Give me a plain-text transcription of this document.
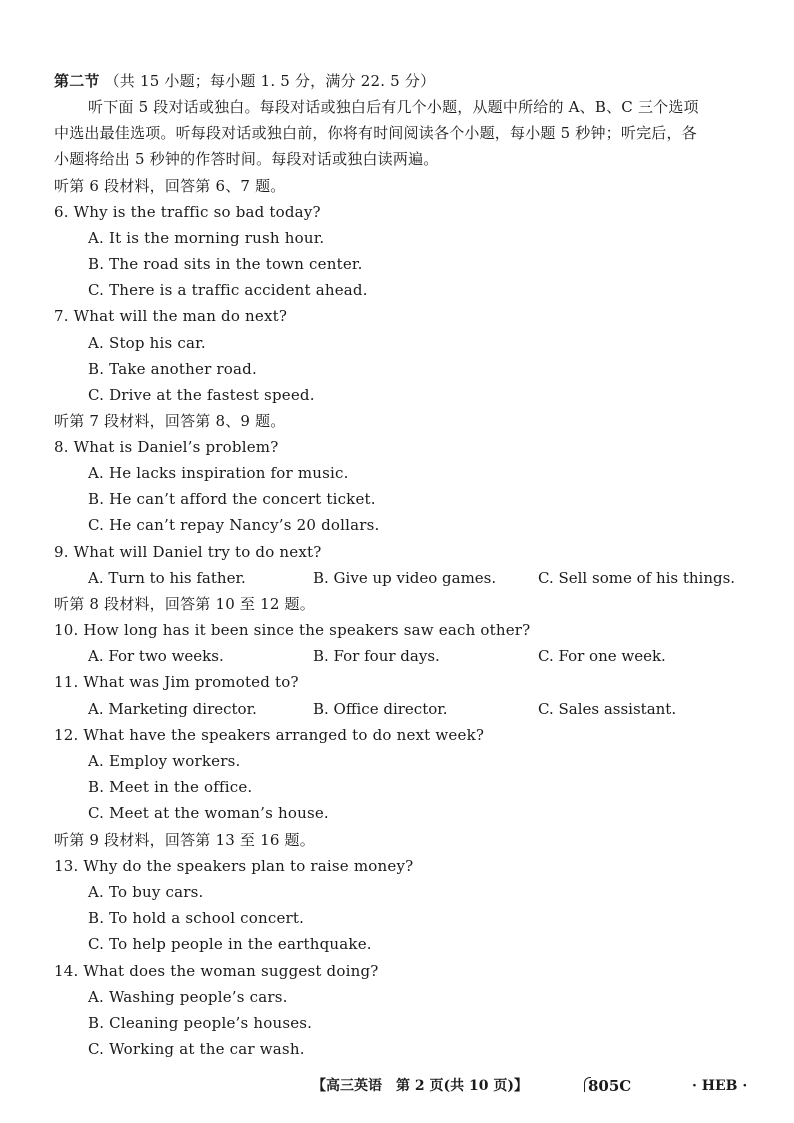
第二节 （共 15 小题；每小题 1. 5 分，满分 22. 5 分）
听下面 5 段对话或独白。每段对话或独白后有几个小题，从题中所给的 A、B、C 三个选项
中选出最佳选项。听每段对话或独白前，你将有时间阅读各个小题，每小题 5 秒钟；听完后，各
小题将给出 5 秒钟的作答时间。每段对话或独白读两遍。
听第 6 段材料，回答第 6、7 题。
6. Why is the traffic so bad today?
A. It is the morning rush hour.
B. The road sits in the town center.
C. There is a traffic accident ahead.
7. What will the man do next?
A. Stop his car.
B. Take another road.
C. Drive at the fastest speed.
听第 7 段材料，回答第 8、9 题。
8. What is Daniel’s problem?
A. He lacks inspiration for music.
B. He can’t afford the concert ticket.
C. He can’t repay Nancy’s 20 dollars.
9. What will Daniel try to do next?
A. Turn to his father.	B. Give up video games.	C. Sell some of his things.
听第 8 段材料，回答第 10 至 12 题。
10. How long has it been since the speakers saw each other?
A. For two weeks.	B. For four days.	C. For one week.
11. What was Jim promoted to?
A. Marketing director.	B. Office director.	C. Sales assistant.
12. What have the speakers arranged to do next week?
A. Employ workers.
B. Meet in the office.
C. Meet at the woman’s house.
听第 9 段材料，回答第 13 至 16 题。
13. Why do the speakers plan to raise money?
A. To buy cars.
B. To hold a school concert.
C. To help people in the earthquake.
14. What does the woman suggest doing?
A. Washing people’s cars.
B. Cleaning people’s houses.
C. Working at the car wash.
【高三英语　第 2 页(共 10 页)】	805C	· HEB ·
